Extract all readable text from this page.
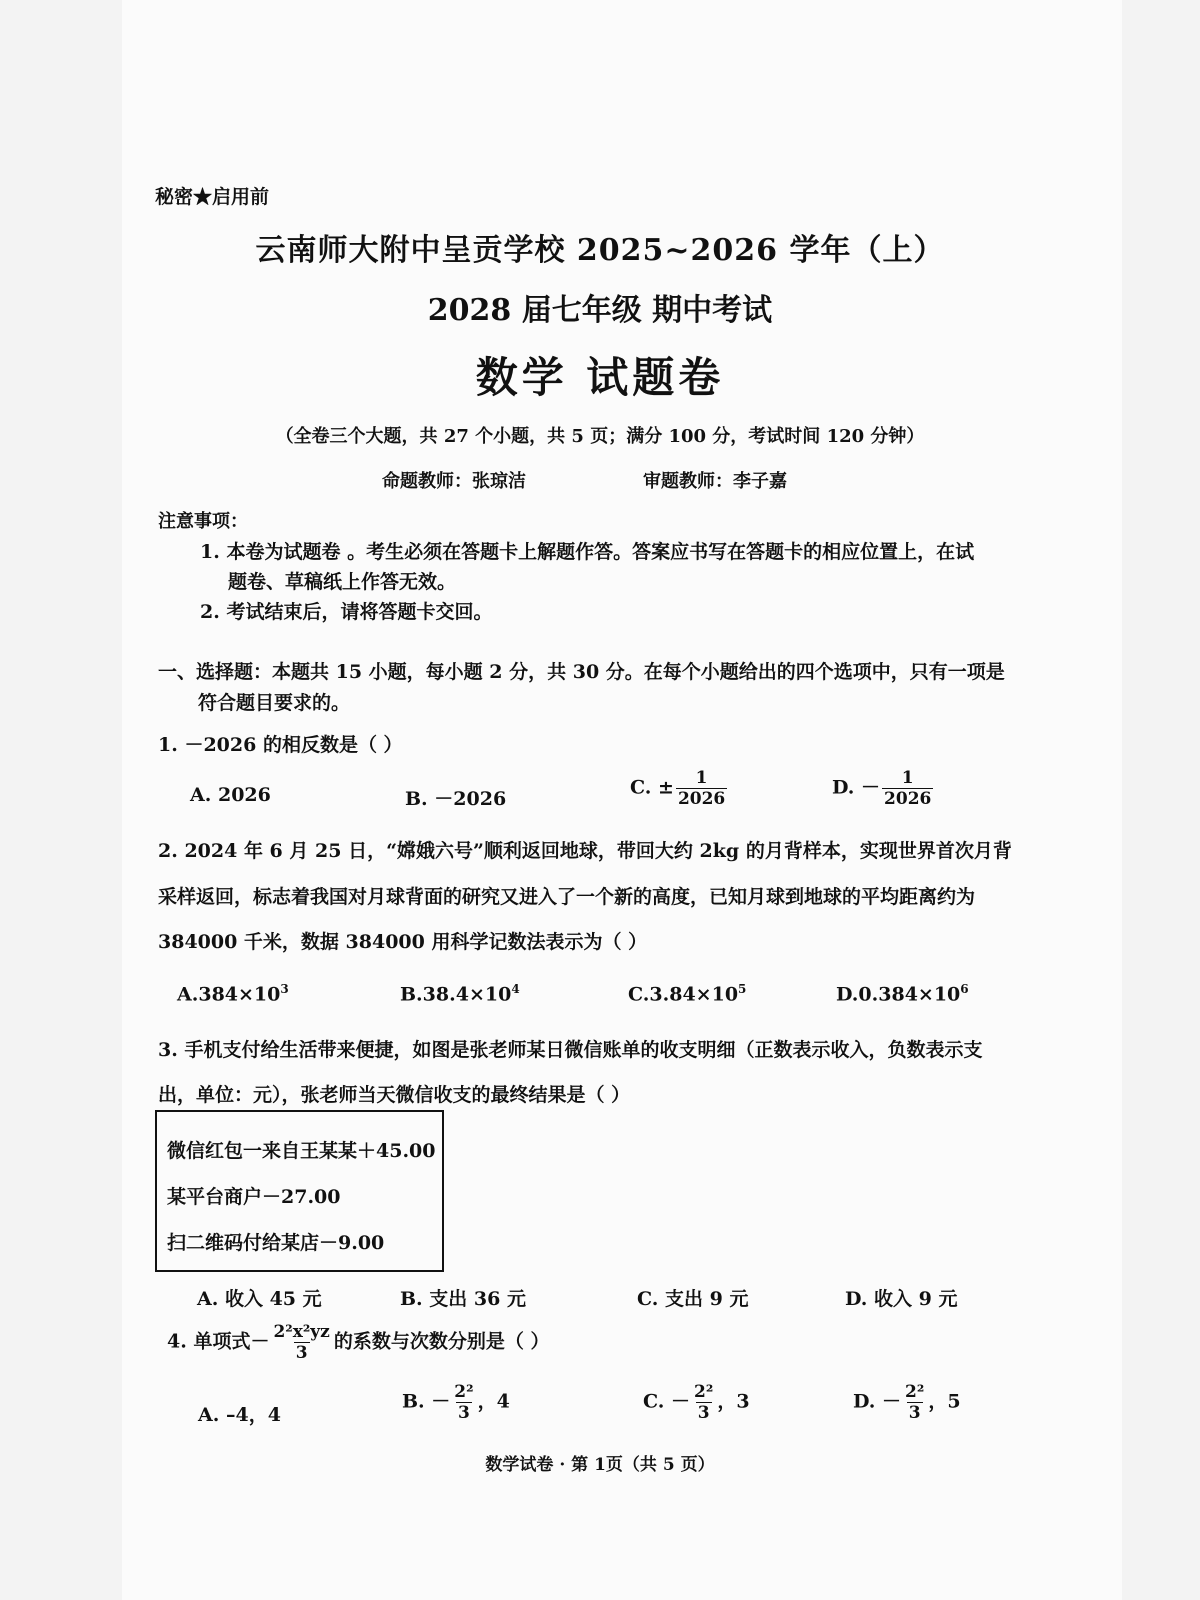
秘密★启用前
云南师大附中呈贡学校 2025~2026 学年（上）
2028 届七年级 期中考试
数学 试题卷
（全卷三个大题，共 27 个小题，共 5 页；满分 100 分，考试时间 120 分钟）
命题教师：张琼洁	审题教师：李子嘉
注意事项：
1. 本卷为试题卷 。考生必须在答题卡上解题作答。答案应书写在答题卡的相应位置上，在试
题卷、草稿纸上作答无效。
2. 考试结束后，请将答题卡交回。
一、选择题：本题共 15 小题，每小题 2 分，共 30 分。在每个小题给出的四个选项中，只有一项是
符合题目要求的。
1. －2026 的相反数是（ ）
A. 2026	B. －2026
C. ± $\frac{1}{2026}$	D. － $\frac{1}{2026}$
2. 2024 年 6 月 25 日，“嫦娥六号”顺利返回地球，带回大约 2kg 的月背样本，实现世界首次月背
采样返回，标志着我国对月球背面的研究又进入了一个新的高度，已知月球到地球的平均距离约为
384000 千米，数据 384000 用科学记数法表示为（ ）
$A.384\times 10^3$	$B.38.4\times 10^4$	$C.3.84\times 10^5$	$D.0.384\times 10^6$
3. 手机支付给生活带来便捷，如图是张老师某日微信账单的收支明细（正数表示收入，负数表示支
出，单位：元），张老师当天微信收支的最终结果是（ ）
微信红包一来自王某某＋45.00
某平台商户－27.00
扫二维码付给某店－9.00
A. 收入 45 元	B. 支出 36 元	C. 支出 9 元	D. 收入 9 元
4. 单项式－ $\frac{\text{2²x²yz}}{3}$ 的系数与次数分别是（ ）
A. –4，4
B. － $\frac{\text{2²}}{3}$ ，4	C. － $\frac{\text{2²}}{3}$ ，3	D. － $\frac{\text{2²}}{3}$ ，5
数学试卷 · 第 1页（共 5 页）
